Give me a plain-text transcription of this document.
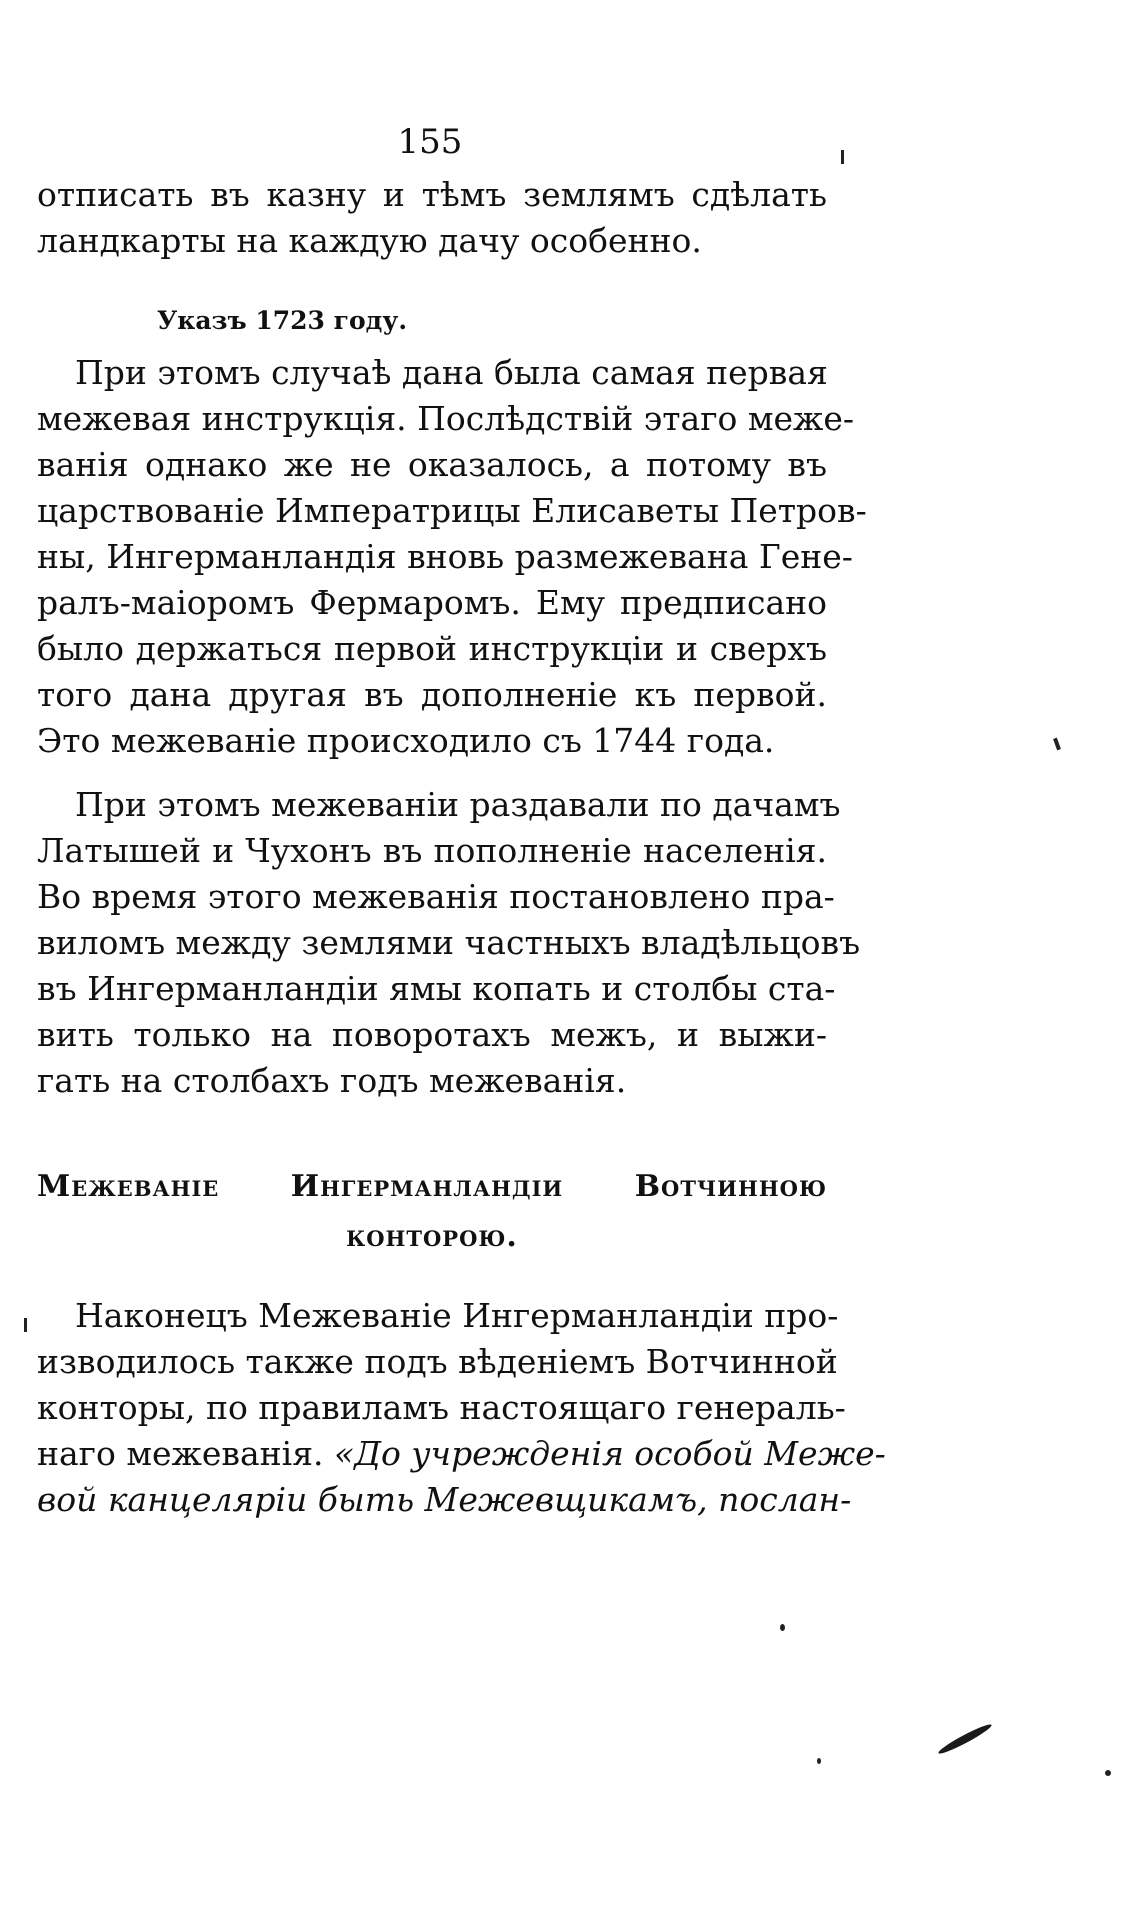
155
отписать въ казну и тѣмъ землямъ сдѣлать
ландкарты на каждую дачу особенно.
Указъ 1723 году.
При этомъ случаѣ дана была самая первая
межевая инструкція. Послѣдствій этаго меже-
ванія однако же не оказалось, а потому въ
царствованіе Императрицы Елисаветы Петров-
ны, Ингерманландія вновь размежевана Гене-
ралъ-маіоромъ Фермаромъ. Ему предписано
было держаться первой инструкціи и сверхъ
того дана другая въ дополненіе къ первой.
Это межеваніе происходило съ 1744 года.
При этомъ межеваніи раздавали по дачамъ
Латышей и Чухонъ въ пополненіе населенія.
Во время этого межеванія постановлено пра-
виломъ между землями частныхъ владѣльцовъ
въ Ингерманландіи ямы копать и столбы ста-
вить только на поворотахъ межъ, и выжи-
гать на столбахъ годъ межеванія.
Межеваніе Ингерманландіи Вотчинною
конторою.
Наконецъ Межеваніе Ингерманландіи про-
изводилось также подъ вѣденіемъ Вотчинной
конторы, по правиламъ настоящаго генераль-
наго межеванія. «До учрежденія особой Меже-
вой канцеляріи быть Межевщикамъ, послан-
